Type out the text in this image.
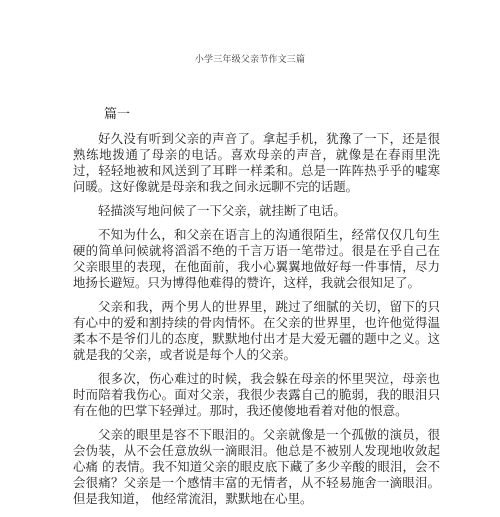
小学三年级父亲节作文三篇
篇一

好久没有听到父亲的声音了。拿起手机，犹豫了一下，还是很熟练地拨通了母亲的电话。喜欢母亲的声音，就像是在春雨里洗过，轻轻地被和风送到了耳畔一样柔和。总是一阵阵热乎乎的嘘寒问暖。这好像就是母亲和我之间永远聊不完的话题。

轻描淡写地问候了一下父亲，就挂断了电话。

不知为什么，和父亲在语言上的沟通很陌生，经常仅仅几句生硬的简单问候就将滔滔不绝的千言万语一笔带过。很是在乎自己在父亲眼里的表现，在他面前，我小心翼翼地做好每一件事情，尽力地扬长避短。只为博得他难得的赞许，这样，我就会很知足了。

父亲和我，两个男人的世界里，跳过了细腻的关切，留下的只有心中的爱和割持续的骨肉情怀。在父亲的世界里，也许他觉得温柔本不是爷们儿的态度，默默地付出才是大爱无疆的题中之义。这就是我的父亲，或者说是每个人的父亲。

很多次，伤心难过的时候，我会躲在母亲的怀里哭泣，母亲也时而陪着我伤心。面对父亲，我很少表露自己的脆弱，我的眼泪只有在他的巴掌下轻弹过。那时，我还傻傻地看着对他的恨意。

父亲的眼里是容不下眼泪的。父亲就像是一个孤傲的演员，很会伪装，从不会任意放纵一滴眼泪。他总是不被别人发现地收敛起心痛 的表情。我不知道父亲的眼皮底下藏了多少辛酸的眼泪，会不会很痛？父亲是一个感情丰富的无情者，从不轻易施舍一滴眼泪。但是我知道， 他经常流泪，默默地在心里。
